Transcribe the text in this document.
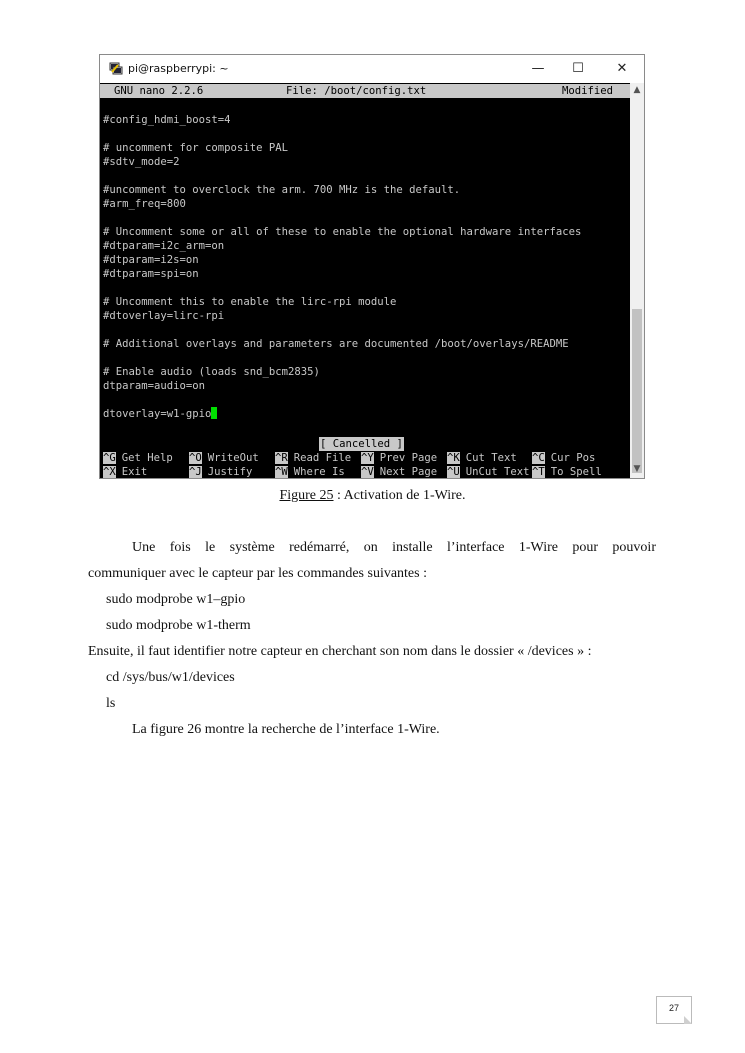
pi@raspberrypi: ~	—	☐	✕
GNU nano 2.2.6	File: /boot/config.txt	Modified
#config_hdmi_boost=4
# uncomment for composite PAL
#sdtv_mode=2
#uncomment to overclock the arm. 700 MHz is the default.
#arm_freq=800
# Uncomment some or all of these to enable the optional hardware interfaces
#dtparam=i2c_arm=on
#dtparam=i2s=on
#dtparam=spi=on
# Uncomment this to enable the lirc-rpi module
#dtoverlay=lirc-rpi
# Additional overlays and parameters are documented /boot/overlays/README
# Enable audio (loads snd_bcm2835)
dtparam=audio=on
dtoverlay=w1-gpio
[ Cancelled ]
^G Get Help ^O WriteOut ^R Read File ^Y Prev Page ^K Cut Text ^C Cur Pos
^X Exit	^J Justify ^W Where Is ^V Next Page ^U UnCut Text ^T To Spell
▲
▼
Figure 25 : Activation de 1-Wire.
Une fois le système redémarré, on installe l’interface 1-Wire pour pouvoir
communiquer avec le capteur par les commandes suivantes :
sudo modprobe w1–gpio
sudo modprobe w1-therm
Ensuite, il faut identifier notre capteur en cherchant son nom dans le dossier « /devices » :
cd /sys/bus/w1/devices
ls
La figure 26 montre la recherche de l’interface 1-Wire.
27
